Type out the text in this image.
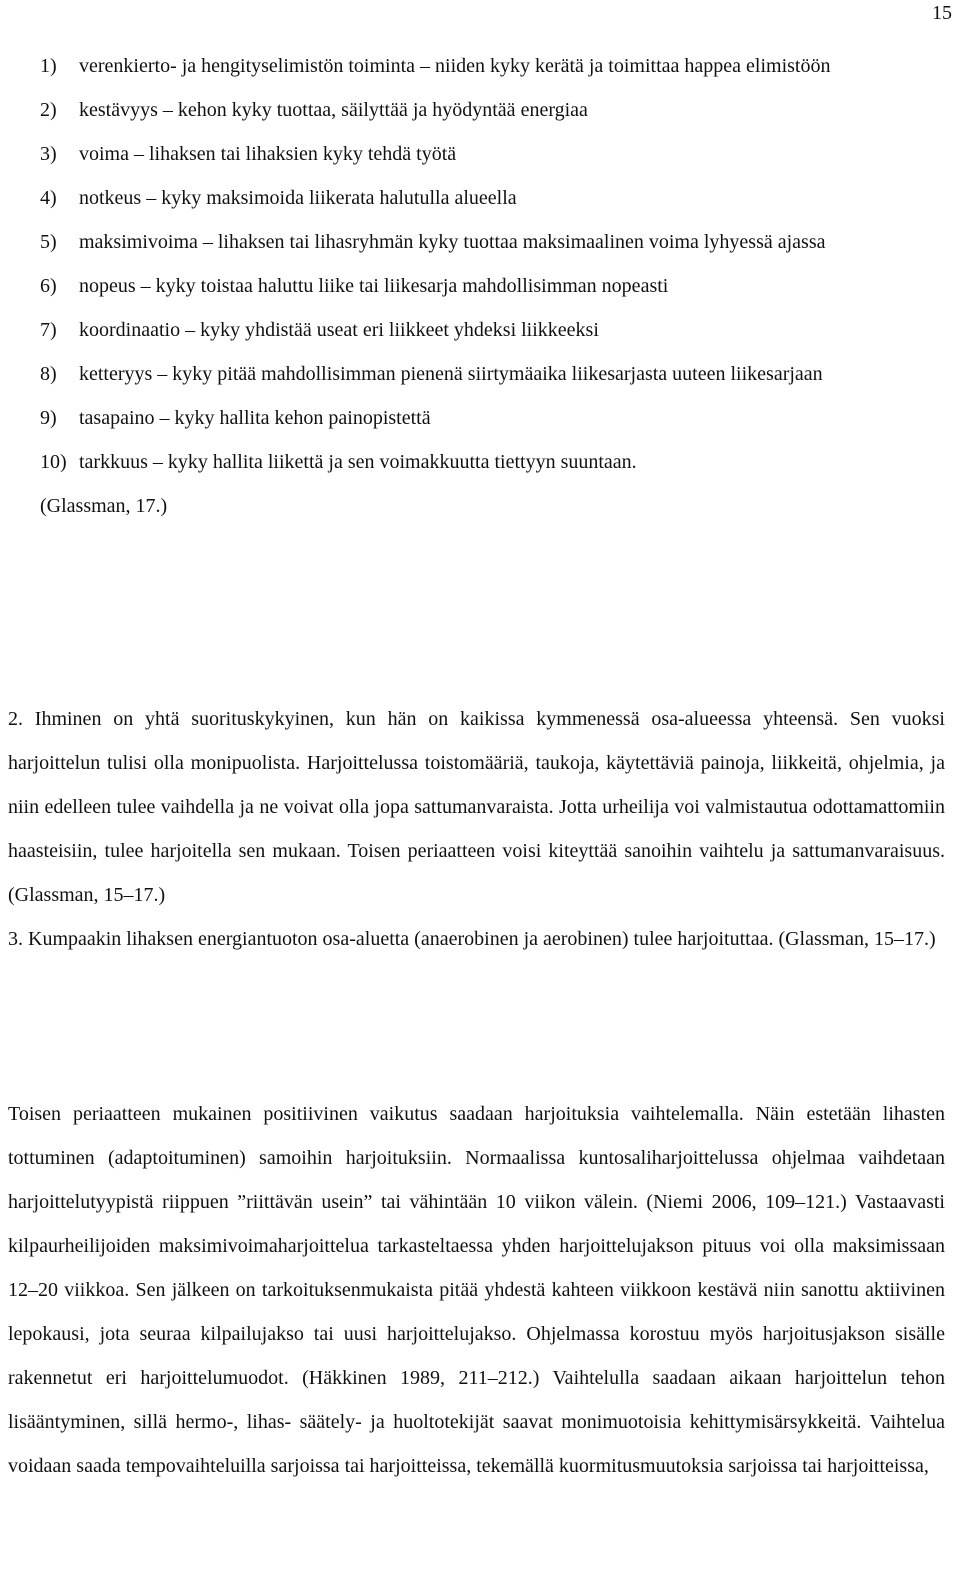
15
1)	verenkierto- ja hengityselimistön toiminta – niiden kyky kerätä ja toimittaa happea elimistöön
2)	kestävyys – kehon kyky tuottaa, säilyttää ja hyödyntää energiaa
3)	voima – lihaksen tai lihaksien kyky tehdä työtä
4)	notkeus – kyky maksimoida liikerata halutulla alueella
5)	maksimivoima – lihaksen tai lihasryhmän kyky tuottaa maksimaalinen voima lyhyessä ajassa
6)	nopeus – kyky toistaa haluttu liike tai liikesarja mahdollisimman nopeasti
7)	koordinaatio – kyky yhdistää useat eri liikkeet yhdeksi liikkeeksi
8)	ketteryys – kyky pitää mahdollisimman pienenä siirtymäaika liikesarjasta uuteen liikesarjaan
9)	tasapaino – kyky hallita kehon painopistettä
10) tarkkuus – kyky hallita liikettä ja sen voimakkuutta tiettyyn suuntaan.
(Glassman, 17.)
2. Ihminen on yhtä suorituskykyinen, kun hän on kaikissa kymmenessä osa-alueessa yhteensä. Sen vuoksi harjoittelun tulisi olla monipuolista. Harjoittelussa toistomääriä, taukoja, käytettäviä painoja, liikkeitä, ohjelmia, ja niin edelleen tulee vaihdella ja ne voivat olla jopa sattumanvaraista. Jotta urheilija voi valmistautua odottamattomiin haasteisiin, tulee harjoitella sen mukaan. Toisen periaatteen voisi kiteyttää sanoihin vaihtelu ja sattumanvaraisuus. (Glassman, 15–17.)
3. Kumpaakin lihaksen energiantuoton osa-aluetta (anaerobinen ja aerobinen) tulee harjoituttaa. (Glassman, 15–17.)
Toisen periaatteen mukainen positiivinen vaikutus saadaan harjoituksia vaihtelemalla. Näin estetään lihasten tottuminen (adaptoituminen) samoihin harjoituksiin. Normaalissa kuntosaliharjoittelussa ohjelmaa vaihdetaan harjoittelutyypistä riippuen ”riittävän usein” tai vähintään 10 viikon välein. (Niemi 2006, 109–121.) Vastaavasti kilpaurheilijoiden maksimivoimaharjoittelua tarkasteltaessa yhden harjoittelujakson pituus voi olla maksimissaan 12–20 viikkoa. Sen jälkeen on tarkoituksenmukaista pitää yhdestä kahteen viikkoon kestävä niin sanottu aktiivinen lepokausi, jota seuraa kilpailujakso tai uusi harjoittelujakso. Ohjelmassa korostuu myös harjoitusjakson sisälle rakennetut eri harjoittelumuodot. (Häkkinen 1989, 211–212.) Vaihtelulla saadaan aikaan harjoittelun tehon lisääntyminen, sillä hermo-, lihas- säätely- ja huoltotekijät saavat monimuotoisia kehittymisärsykkeitä. Vaihtelua voidaan saada tempovaihteluilla sarjoissa tai harjoitteissa, tekemällä kuormitusmuutoksia sarjoissa tai harjoitteissa,
